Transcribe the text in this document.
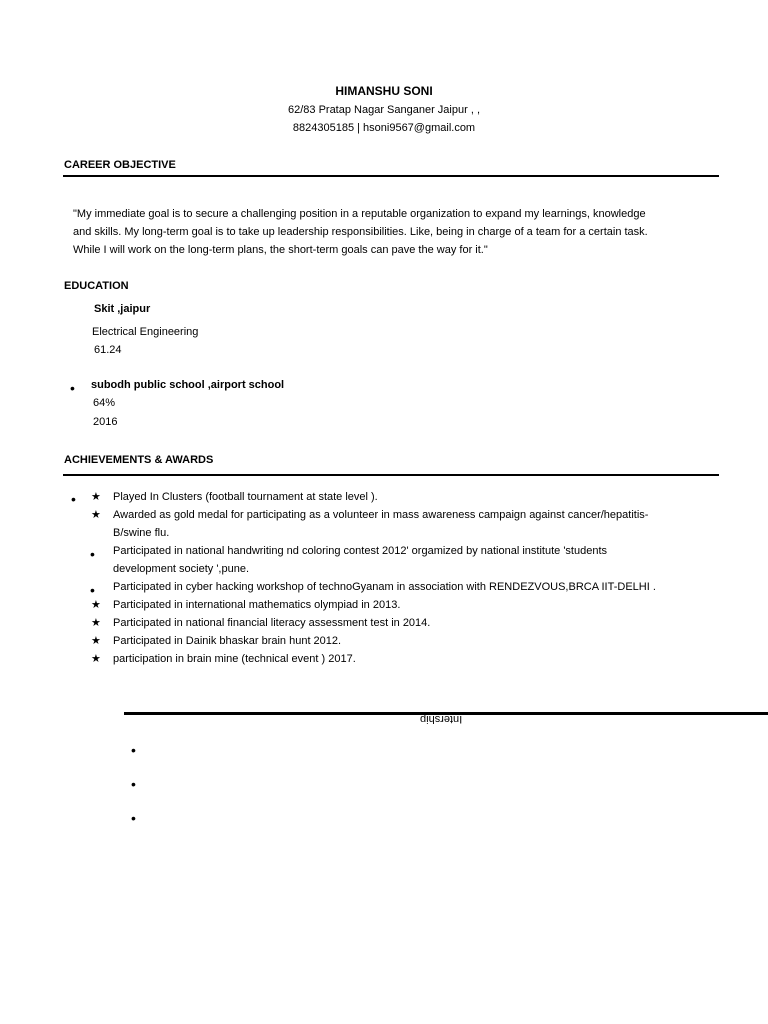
HIMANSHU SONI
62/83 Pratap Nagar Sanganer Jaipur , ,
8824305185 | hsoni9567@gmail.com
CAREER OBJECTIVE
"My immediate goal is to secure a challenging position in a reputable organization to expand my learnings, knowledge
and skills. My long-term goal is to take up leadership responsibilities. Like, being in charge of a team for a certain task.
While I will work on the long-term plans, the short-term goals can pave the way for it."
EDUCATION
Skit ,jaipur
Electrical Engineering
61.24
• subodh public school ,airport school
64%
2016
ACHIEVEMENTS & AWARDS
• ★ Played In Clusters (football tournament at state level ).
★ Awarded as gold medal for participating as a volunteer in mass awareness campaign against cancer/hepatitis-
B/swine flu.
• Participated in national handwriting nd coloring contest 2012' orgamized by national institute 'students
development society ',pune.
• Participated in cyber hacking workshop of technoGyanam in association with RENDEZVOUS,BRCA IIT-DELHI .
★ Participated in international mathematics olympiad in 2013.
★ Participated in national financial literacy assessment test in 2014.
★ Participated in Dainik bhaskar brain hunt 2012.
★ participation in brain mine (technical event ) 2017.
Intership
•
•
•
